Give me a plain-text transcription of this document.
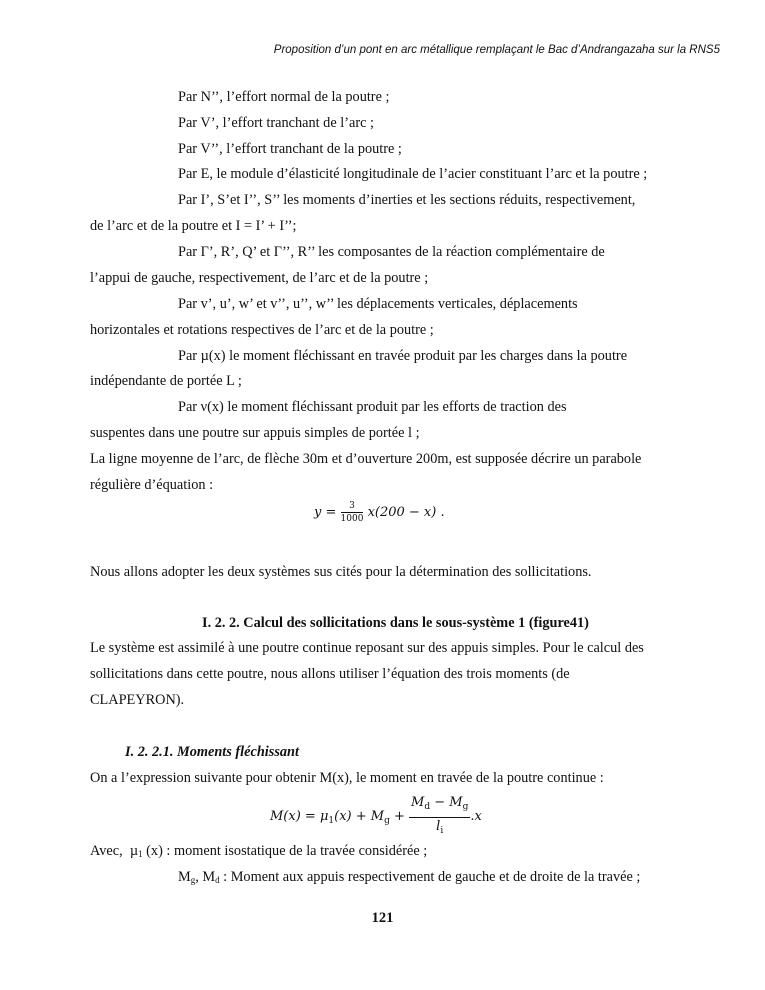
Proposition d’un pont en arc métallique remplaçant le Bac d’Andrangazaha sur la RNS5
Par N’’, l’effort normal de la poutre ;
Par V’, l’effort tranchant de l’arc ;
Par V’’, l’effort tranchant de la poutre ;
Par E, le module d’élasticité longitudinale de l’acier constituant l’arc et la poutre ;
Par I’, S’et I’’, S’’ les moments d’inerties et les sections réduits, respectivement,
de l’arc et de la poutre et I = I’ + I’’;
Par Γ’, R’, Q’ et Γ’’, R’’ les composantes de la réaction complémentaire de
l’appui de gauche, respectivement, de l’arc et de la poutre ;
Par v’, u’, w’ et v’’, u’’, w’’ les déplacements verticales, déplacements
horizontales et rotations respectives de l’arc et de la poutre ;
Par µ(x) le moment fléchissant en travée produit par les charges dans la poutre
indépendante de portée L ;
Par ν(x) le moment fléchissant produit par les efforts de traction des
suspentes dans une poutre sur appuis simples de portée l ;
La ligne moyenne de l’arc, de flèche 30m et d’ouverture 200m, est supposée décrire un parabole
régulière d’équation :
$y = \frac{3}{1000} x(200 - x)$ .
Nous allons adopter les deux systèmes sus cités pour la détermination des sollicitations.
I. 2. 2. Calcul des sollicitations dans le sous-système 1 (figure41)
Le système est assimilé à une poutre continue reposant sur des appuis simples. Pour le calcul des
sollicitations dans cette poutre, nous allons utiliser l’équation des trois moments (de
CLAPEYRON).
I. 2. 2.1. Moments fléchissant
On a l’expression suivante pour obtenir M(x), le moment en travée de la poutre continue :
$M(x) = \mu_1(x) + M_g + \frac{M_d - M_g}{l_i} .x$
Avec, µ1 (x) : moment isostatique de la travée considérée ;
Mg, Md : Moment aux appuis respectivement de gauche et de droite de la travée ;
121
